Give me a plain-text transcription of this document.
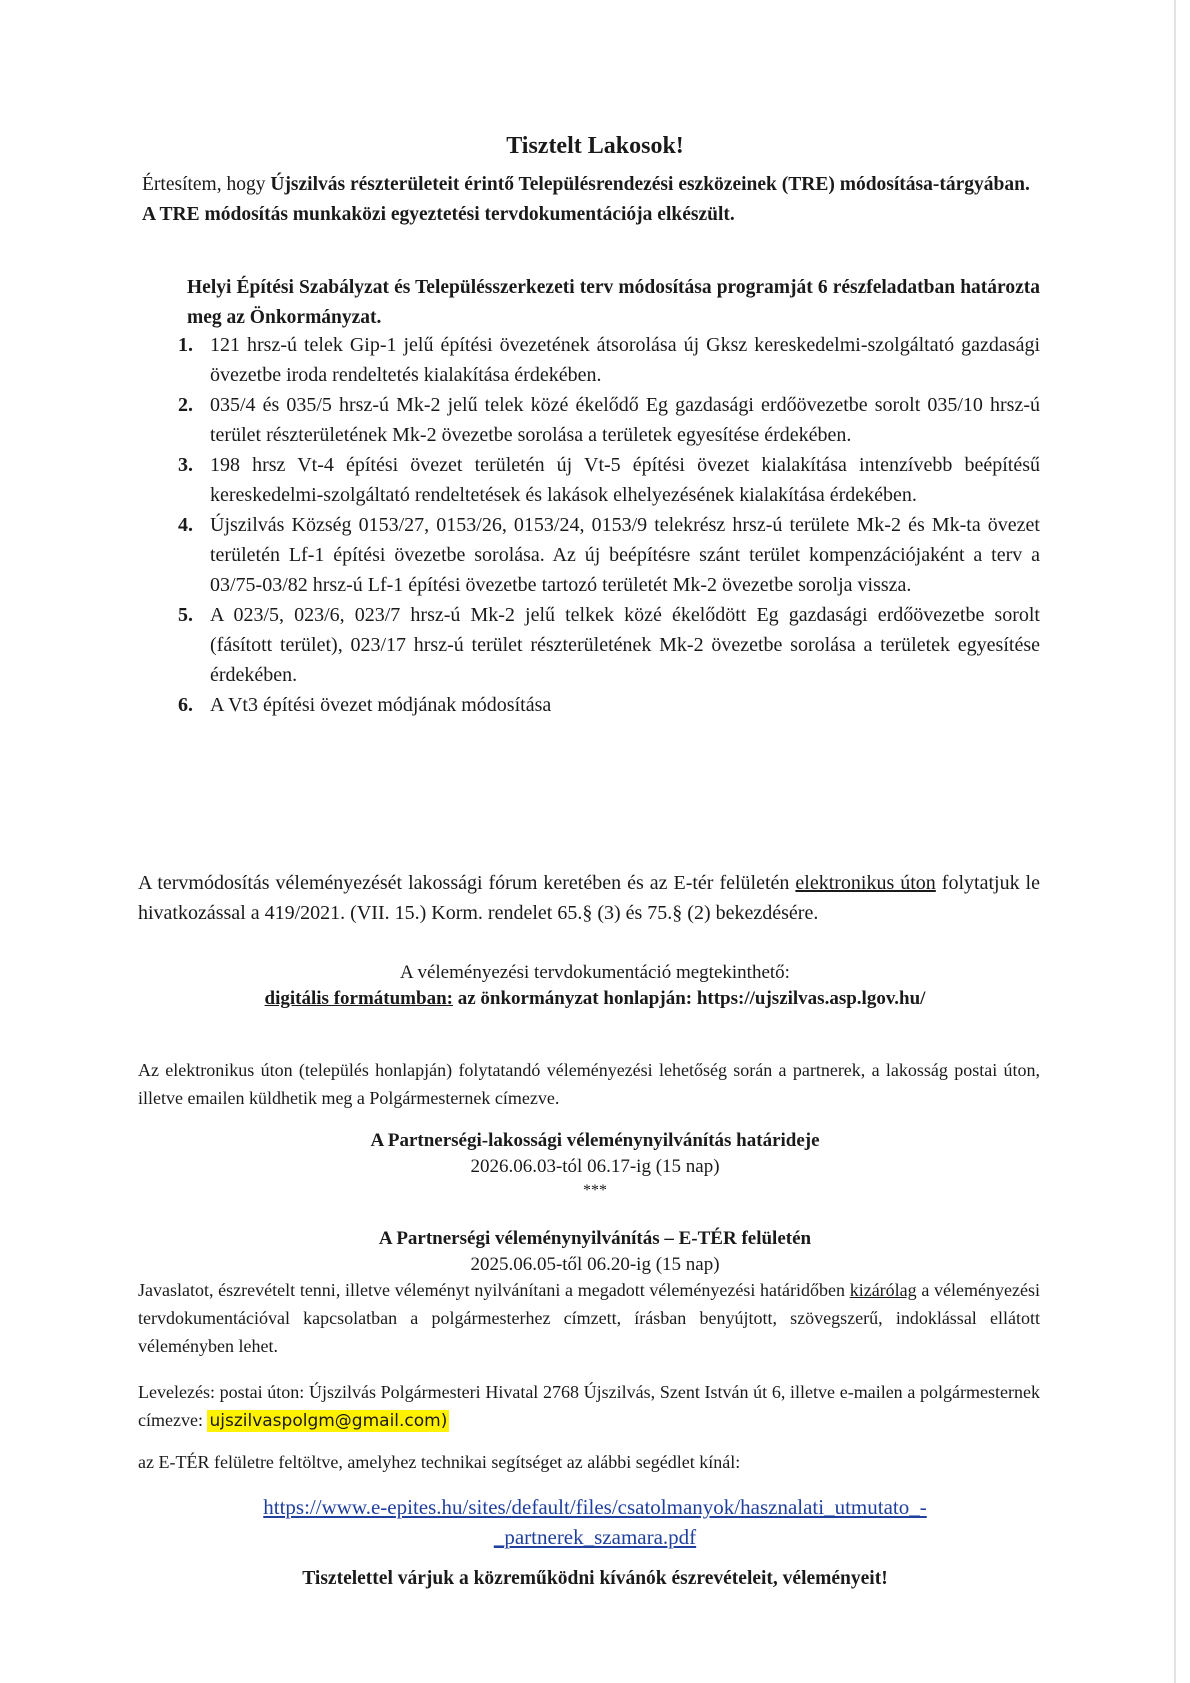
Tisztelt Lakosok!

Értesítem, hogy Újszilvás részterületeit érintő Településrendezési eszközeinek (TRE) módosítása-tárgyában.

A TRE módosítás munkaközi egyeztetési tervdokumentációja elkészült.

Helyi Építési Szabályzat és Településszerkezeti terv módosítása programját 6 részfeladatban határozta meg az Önkormányzat.
1. 121 hrsz-ú telek Gip-1 jelű építési övezetének átsorolása új Gksz kereskedelmi-szolgáltató gazdasági övezetbe iroda rendeltetés kialakítása érdekében.
2. 035/4 és 035/5 hrsz-ú Mk-2 jelű telek közé ékelődő Eg gazdasági erdőövezetbe sorolt 035/10 hrsz-ú terület részterületének Mk-2 övezetbe sorolása a területek egyesítése érdekében.
3. 198 hrsz Vt-4 építési övezet területén új Vt-5 építési övezet kialakítása intenzívebb beépítésű kereskedelmi-szolgáltató rendeltetések és lakások elhelyezésének kialakítása érdekében.
4. Újszilvás Község 0153/27, 0153/26, 0153/24, 0153/9 telekrész hrsz-ú területe Mk-2 és Mk-ta övezet területén Lf-1 építési övezetbe sorolása. Az új beépítésre szánt terület kompenzációjaként a terv a 03/75-03/82 hrsz-ú Lf-1 építési övezetbe tartozó területét Mk-2 övezetbe sorolja vissza.
5. A 023/5, 023/6, 023/7 hrsz-ú Mk-2 jelű telkek közé ékelődött Eg gazdasági erdőövezetbe sorolt (fásított terület), 023/17 hrsz-ú terület részterületének Mk-2 övezetbe sorolása a területek egyesítése érdekében.
6. A Vt3 építési övezet módjának módosítása

A tervmódosítás véleményezését lakossági fórum keretében és az E-tér felületén elektronikus úton folytatjuk le hivatkozással a 419/2021. (VII. 15.) Korm. rendelet 65.§ (3) és 75.§ (2) bekezdésére.

A véleményezési tervdokumentáció megtekinthető:
digitális formátumban: az önkormányzat honlapján: https://ujszilvas.asp.lgov.hu/
Az elektronikus úton (település honlapján) folytatandó véleményezési lehetőség során a partnerek, a lakosság postai úton, illetve emailen küldhetik meg a Polgármesternek címezve.
A Partnerségi-lakossági véleménynyilvánítás határideje
2026.06.03-tól 06.17-ig (15 nap)
***
A Partnerségi véleménynyilvánítás – E-TÉR felületén
2025.06.05-től 06.20-ig (15 nap)

Javaslatot, észrevételt tenni, illetve véleményt nyilvánítani a megadott véleményezési határidőben kizárólag a véleményezési tervdokumentációval kapcsolatban a polgármesterhez címzett, írásban benyújtott, szövegszerű, indoklással ellátott véleményben lehet.

Levelezés: postai úton: Újszilvás Polgármesteri Hivatal 2768 Újszilvás, Szent István út 6, illetve e-mailen a polgármesternek címezve: ujszilvaspolgm@gmail.com)

az E-TÉR felületre feltöltve, amelyhez technikai segítséget az alábbi segédlet kínál:
https://www.e-epites.hu/sites/default/files/csatolmanyok/hasznalati_utmutato_-
_partnerek_szamara.pdf
Tisztelettel várjuk a közreműködni kívánók észrevételeit, véleményeit!
